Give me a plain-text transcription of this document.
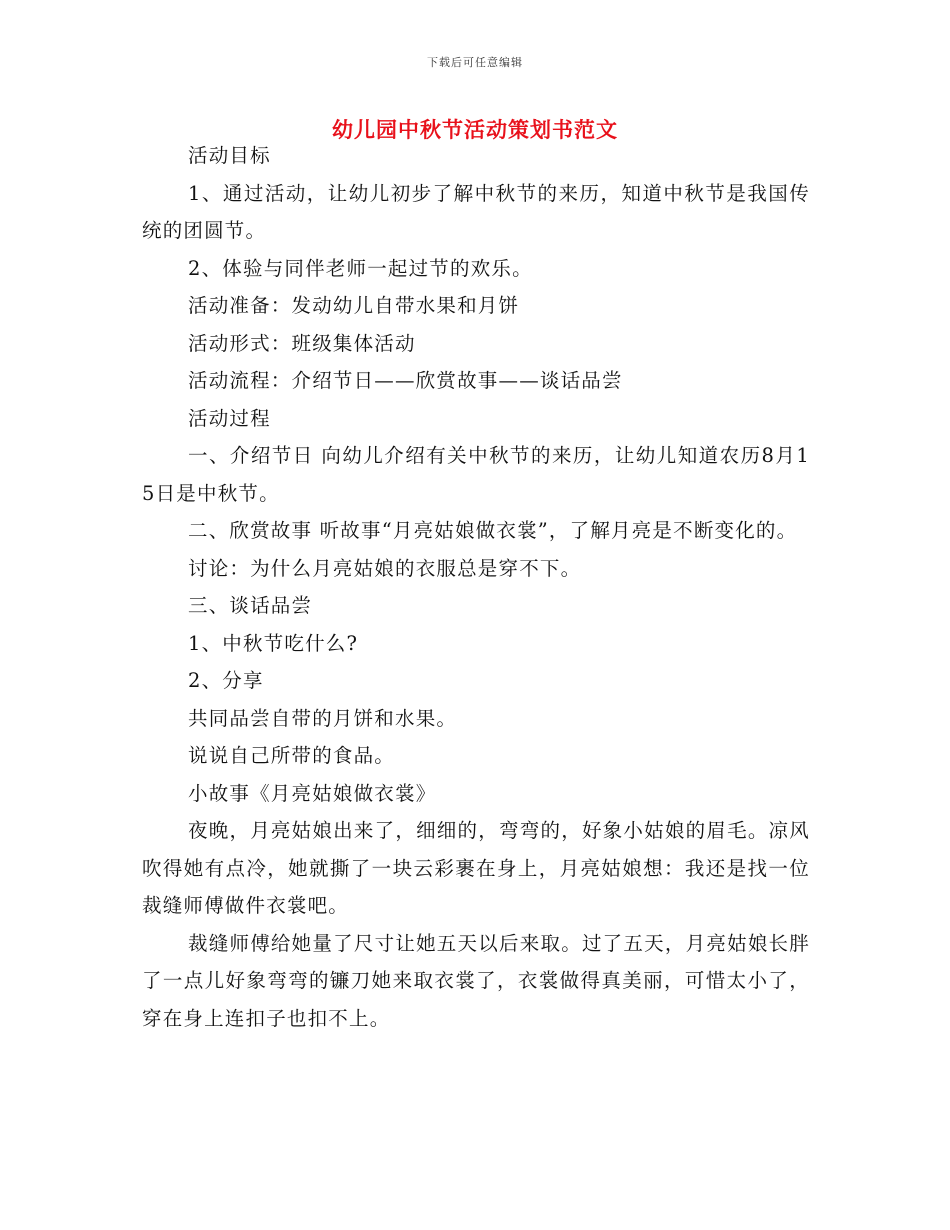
下载后可任意编辑
幼儿园中秋节活动策划书范文

活动目标

1、通过活动，让幼儿初步了解中秋节的来历，知道中秋节是我国传统的团圆节。

2、体验与同伴老师一起过节的欢乐。

活动准备：发动幼儿自带水果和月饼

活动形式：班级集体活动

活动流程：介绍节日——欣赏故事——谈话品尝

活动过程

一、介绍节日 向幼儿介绍有关中秋节的来历，让幼儿知道农历8月15日是中秋节。

二、欣赏故事 听故事“月亮姑娘做衣裳”，了解月亮是不断变化的。

讨论：为什么月亮姑娘的衣服总是穿不下。

三、谈话品尝

1、中秋节吃什么?

2、分享

共同品尝自带的月饼和水果。

说说自己所带的食品。

小故事《月亮姑娘做衣裳》

夜晚，月亮姑娘出来了，细细的，弯弯的，好象小姑娘的眉毛。凉风吹得她有点冷，她就撕了一块云彩裹在身上，月亮姑娘想：我还是找一位裁缝师傅做件衣裳吧。

裁缝师傅给她量了尺寸让她五天以后来取。过了五天，月亮姑娘长胖了一点儿好象弯弯的镰刀她来取衣裳了，衣裳做得真美丽，可惜太小了，穿在身上连扣子也扣不上。
